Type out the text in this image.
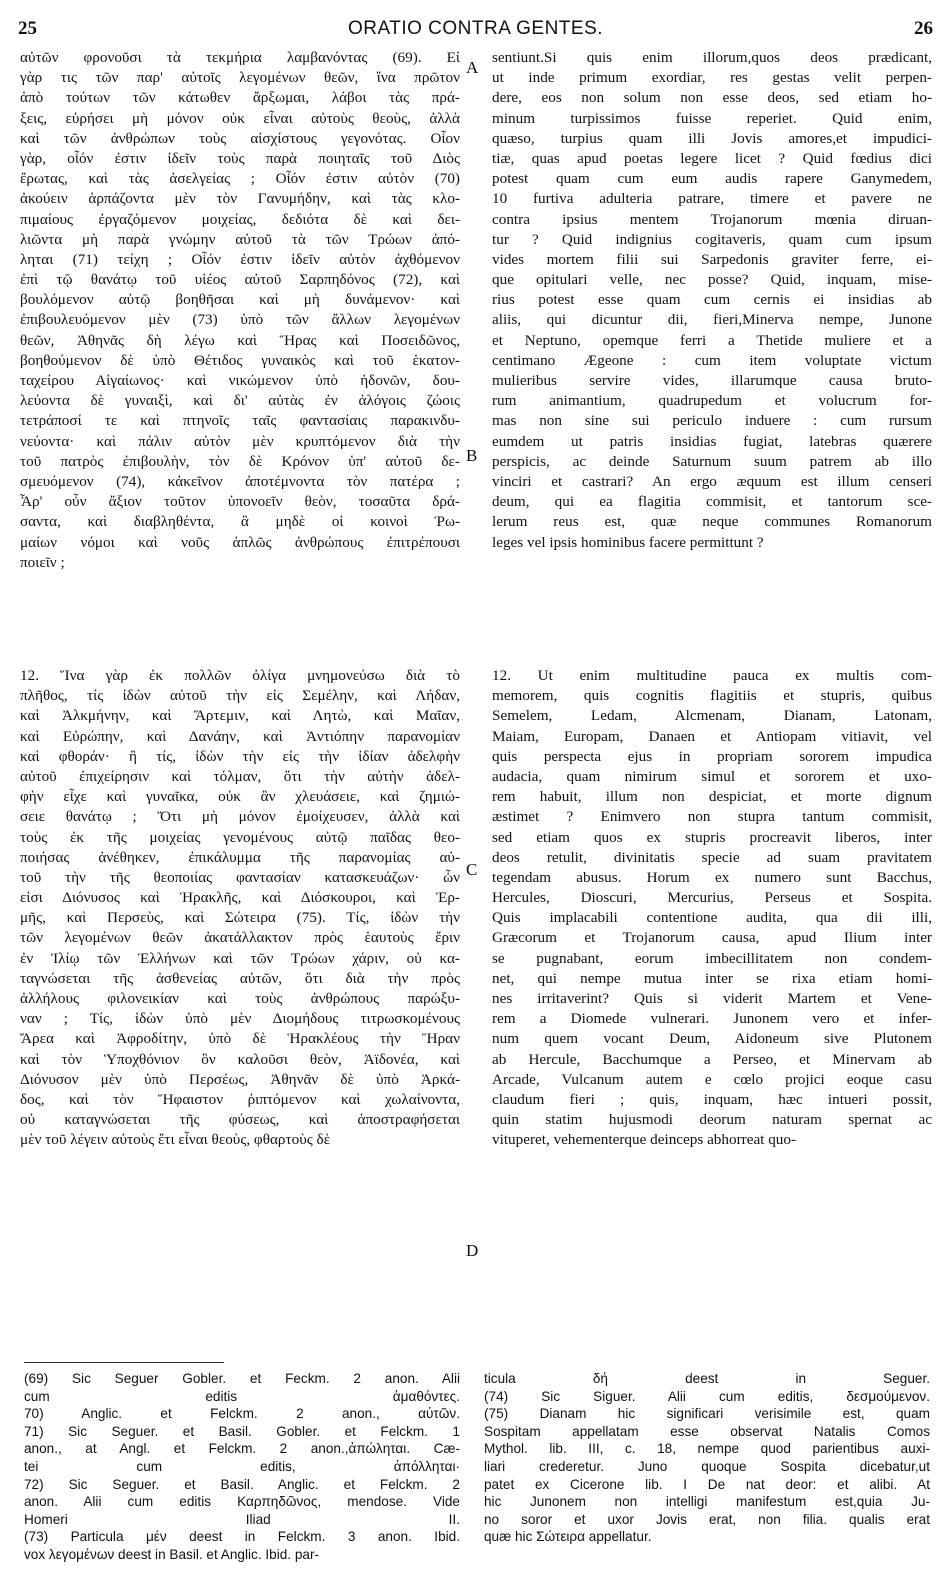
25	ORATIO CONTRA GENTES.	26
A
B
C
D
αὐτῶν φρονοῦσι τὰ τεκμήρια λαμβανόντας (69). Εἰ
γὰρ τις τῶν παρ' αὐτοῖς λεγομένων θεῶν, ἵνα πρῶτον
ἀπὸ τούτων τῶν κάτωθεν ἄρξωμαι, λάβοι τὰς πρά-
ξεις, εὑρήσει μὴ μόνον οὐκ εἶναι αὐτοὺς θεοὺς, ἀλλὰ
καὶ τῶν ἀνθρώπων τοὺς αἰσχίστους γεγονότας. Οἷον
γὰρ, οἷόν ἐστιν ἰδεῖν τοὺς παρὰ ποιηταῖς τοῦ Διὸς
ἔρωτας, καὶ τὰς ἀσελγείας ; Οἷόν ἐστιν αὐτὸν (70)
ἀκούειν ἁρπάζοντα μὲν τὸν Γανυμήδην, καὶ τὰς κλο-
πιμαίους ἐργαζόμενον μοιχείας, δεδιότα δὲ καὶ δει-
λιῶντα μὴ παρὰ γνώμην αὐτοῦ τὰ τῶν Τρώων ἀπό-
ληται (71) τείχη ; Οἷόν ἐστιν ἰδεῖν αὐτὸν ἀχθόμενον
ἐπὶ τῷ θανάτῳ τοῦ υἱέος αὐτοῦ Σαρπηδόνος (72), καὶ
βουλόμενον αὐτῷ βοηθῆσαι καὶ μὴ δυνάμενον· καὶ
ἐπιβουλευόμενον μὲν (73) ὑπὸ τῶν ἄλλων λεγομένων
θεῶν, Ἀθηνᾶς δὴ λέγω καὶ Ἥρας καὶ Ποσειδῶνος,
βοηθούμενον δὲ ὑπὸ Θέτιδος γυναικὸς καὶ τοῦ ἑκατον-
ταχείρου Αἰγαίωνος· καὶ νικώμενον ὑπὸ ἡδονῶν, δου-
λεύοντα δὲ γυναιξὶ, καὶ δι' αὐτὰς ἐν ἀλόγοις ζώοις
τετράποσί τε καὶ πτηνοῖς ταῖς φαντασίαις παρακινδυ-
νεύοντα· καὶ πάλιν αὐτὸν μὲν κρυπτόμενον διὰ τὴν
τοῦ πατρὸς ἐπιβουλὴν, τὸν δὲ Κρόνον ὑπ' αὐτοῦ δε-
σμευόμενον (74), κἀκεῖνον ἀποτέμνοντα τὸν πατέρα ;
Ἆρ' οὖν ἄξιον τοῦτον ὑπονοεῖν θεὸν, τοσαῦτα δρά-
σαντα, καὶ διαβληθέντα, ἃ μηδὲ οἱ κοινοὶ Ῥω-
μαίων νόμοι καὶ νοῦς ἁπλῶς ἀνθρώπους ἐπιτρέπουσι
ποιεῖν ;
sentiunt.Si quis enim illorum,quos deos prædicant,
ut inde primum exordiar, res gestas velit perpen-
dere, eos non solum non esse deos, sed etiam ho-
minum turpissimos fuisse reperiet. Quid enim,
quæso, turpius quam illi Jovis amores,et impudici-
tiæ, quas apud poetas legere licet ? Quid fœdius dici
potest quam cum eum audis rapere Ganymedem,
10 furtiva adulteria patrare, timere et pavere ne
contra ipsius mentem Trojanorum mœnia diruan-
tur ? Quid indignius cogitaveris, quam cum ipsum
vides mortem filii sui Sarpedonis graviter ferre, ei-
que opitulari velle, nec posse? Quid, inquam, mise-
rius potest esse quam cum cernis ei insidias ab
aliis, qui dicuntur dii, fieri,Minerva nempe, Junone
et Neptuno, opemque ferri a Thetide muliere et a
centimano Ægeone : cum item voluptate victum
mulieribus servire vides, illarumque causa bruto-
rum animantium, quadrupedum et volucrum for-
mas non sine sui periculo induere : cum rursum
eumdem ut patris insidias fugiat, latebras quærere
perspicis, ac deinde Saturnum suum patrem ab illo
vinciri et castrari? An ergo æquum est illum censeri
deum, qui ea flagitia commisit, et tantorum sce-
lerum reus est, quæ neque communes Romanorum
leges vel ipsis hominibus facere permittunt ?
12. Ἵνα γὰρ ἐκ πολλῶν ὀλίγα μνημονεύσω διὰ τὸ
πλῆθος, τίς ἰδὼν αὐτοῦ τὴν εἰς Σεμέλην, καὶ Λήδαν,
καὶ Ἀλκμήνην, καὶ Ἄρτεμιν, καὶ Λητὼ, καὶ Μαῖαν,
καὶ Εὐρώπην, καὶ Δανάην, καὶ Ἀντιόπην παρανομίαν
καὶ φθοράν· ἢ τίς, ἰδὼν τὴν εἰς τὴν ἰδίαν ἀδελφὴν
αὐτοῦ ἐπιχείρησιν καὶ τόλμαν, ὅτι τὴν αὐτὴν ἀδελ-
φὴν εἶχε καὶ γυναῖκα, οὐκ ἂν χλευάσειε, καὶ ζημιώ-
σειε θανάτῳ ; Ὅτι μὴ μόνον ἐμοίχευσεν, ἀλλὰ καὶ
τοὺς ἐκ τῆς μοιχείας γενομένους αὐτῷ παῖδας θεο-
ποιήσας ἀνέθηκεν, ἐπικάλυμμα τῆς παρανομίας αὐ-
τοῦ τὴν τῆς θεοποιίας φαντασίαν κατασκευάζων· ὧν
εἰσι Διόνυσος καὶ Ἡρακλῆς, καὶ Διόσκουροι, καὶ Ἑρ-
μῆς, καὶ Περσεὺς, καὶ Σώτειρα (75). Τίς, ἰδὼν τὴν
τῶν λεγομένων θεῶν ἀκατάλλακτον πρὸς ἑαυτοὺς ἔριν
ἐν Ἰλίῳ τῶν Ἑλλήνων καὶ τῶν Τρώων χάριν, οὐ κα-
ταγνώσεται τῆς ἀσθενείας αὐτῶν, ὅτι διὰ τὴν πρὸς
ἀλλήλους φιλονεικίαν καὶ τοὺς ἀνθρώπους παρώξυ-
ναν ; Τίς, ἰδὼν ὑπὸ μὲν Διομήδους τιτρωσκομένους
Ἄρεα καὶ Ἀφροδίτην, ὑπὸ δὲ Ἡρακλέους τὴν Ἥραν
καὶ τὸν Ὑποχθόνιον ὃν καλοῦσι θεὸν, Ἀϊδονέα, καὶ
Διόνυσον μὲν ὑπὸ Περσέως, Ἀθηνᾶν δὲ ὑπὸ Ἀρκά-
δος, καὶ τὸν Ἥφαιστον ῥιπτόμενον καὶ χωλαίνοντα,
οὐ καταγνώσεται τῆς φύσεως, καὶ ἀποστραφήσεται
μὲν τοῦ λέγειν αὐτοὺς ἔτι εἶναι θεοὺς, φθαρτοὺς δὲ
12. Ut enim multitudine pauca ex multis com-
memorem, quis cognitis flagitiis et stupris, quibus
Semelem, Ledam, Alcmenam, Dianam, Latonam,
Maiam, Europam, Danaen et Antiopam vitiavit, vel
quis perspecta ejus in propriam sororem impudica
audacia, quam nimirum simul et sororem et uxo-
rem habuit, illum non despiciat, et morte dignum
æstimet ? Enimvero non stupra tantum commisit,
sed etiam quos ex stupris procreavit liberos, inter
deos retulit, divinitatis specie ad suam pravitatem
tegendam abusus. Horum ex numero sunt Bacchus,
Hercules, Dioscuri, Mercurius, Perseus et Sospita.
Quis implacabili contentione audita, qua dii illi,
Græcorum et Trojanorum causa, apud Ilium inter
se pugnabant, eorum imbecillitatem non condem-
net, qui nempe mutua inter se rixa etiam homi-
nes irritaverint? Quis si viderit Martem et Vene-
rem a Diomede vulnerari. Junonem vero et infer-
num quem vocant Deum, Aidoneum sive Plutonem
ab Hercule, Bacchumque a Perseo, et Minervam ab
Arcade, Vulcanum autem e cœlo projici eoque casu
claudum fieri ; quis, inquam, hæc intueri possit,
quin statim hujusmodi deorum naturam spernat ac
vituperet, vehementerque deinceps abhorreat quo-
(69) Sic Seguer Gobler. et Feckm. 2 anon. Alii
cum editis ἀμαθόντες.
70) Anglic. et Felckm. 2 anon., αὐτῶν.
71) Sic Seguer. et Basil. Gobler. et Felckm. 1
anon., at Angl. et Felckm. 2 anon.,ἀπώληται. Cæ-
tei cum editis, ἀπόλληται·
72) Sic Seguer. et Basil. Anglic. et Felckm. 2
anon. Alii cum editis Καρπηδῶνος, mendose. Vide
Homeri Iliad II.
(73) Particula μέν deest in Felckm. 3 anon. Ibid.
vox λεγομένων deest in Basil. et Anglic. Ibid. par-
ticula δή deest in Seguer.
(74) Sic Siguer. Alii cum editis, δεσμούμενον.
(75) Dianam hic significari verisimile est, quam
Sospitam appellatam esse observat Natalis Comos
Mythol. lib. III, c. 18, nempe quod parientibus auxi-
liari crederetur. Juno quoque Sospita dicebatur,ut
patet ex Cicerone lib. I De nat deor: et alibi. At
hic Junonem non intelligi manifestum est,quia Ju-
no soror et uxor Jovis erat, non filia. qualis erat
quæ hic Σώτειρα appellatur.
